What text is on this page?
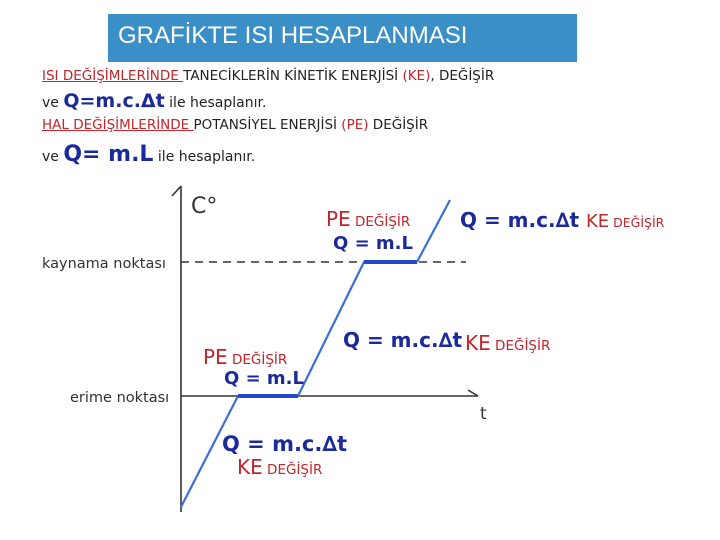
GRAFİKTE ISI HESAPLANMASI
ISI DEĞİŞİMLERİNDE TANECİKLERİN KİNETİK ENERJİSİ (KE), DEĞİŞİR
ve Q=m.c.Δt ile hesaplanır.
HAL DEĞİŞİMLERİNDE POTANSİYEL ENERJİSİ (PE) DEĞİŞİR
ve Q= m.L ile hesaplanır.
C°
t
kaynama noktası
erime noktası
PE DEĞİŞİR
Q = m.L
Q = m.c.∆t KE DEĞİŞİR
PE DEĞİŞİR
Q = m.L
Q = m.c.∆t KE DEĞİŞİR
Q = m.c.∆t
KE DEĞİŞİR
